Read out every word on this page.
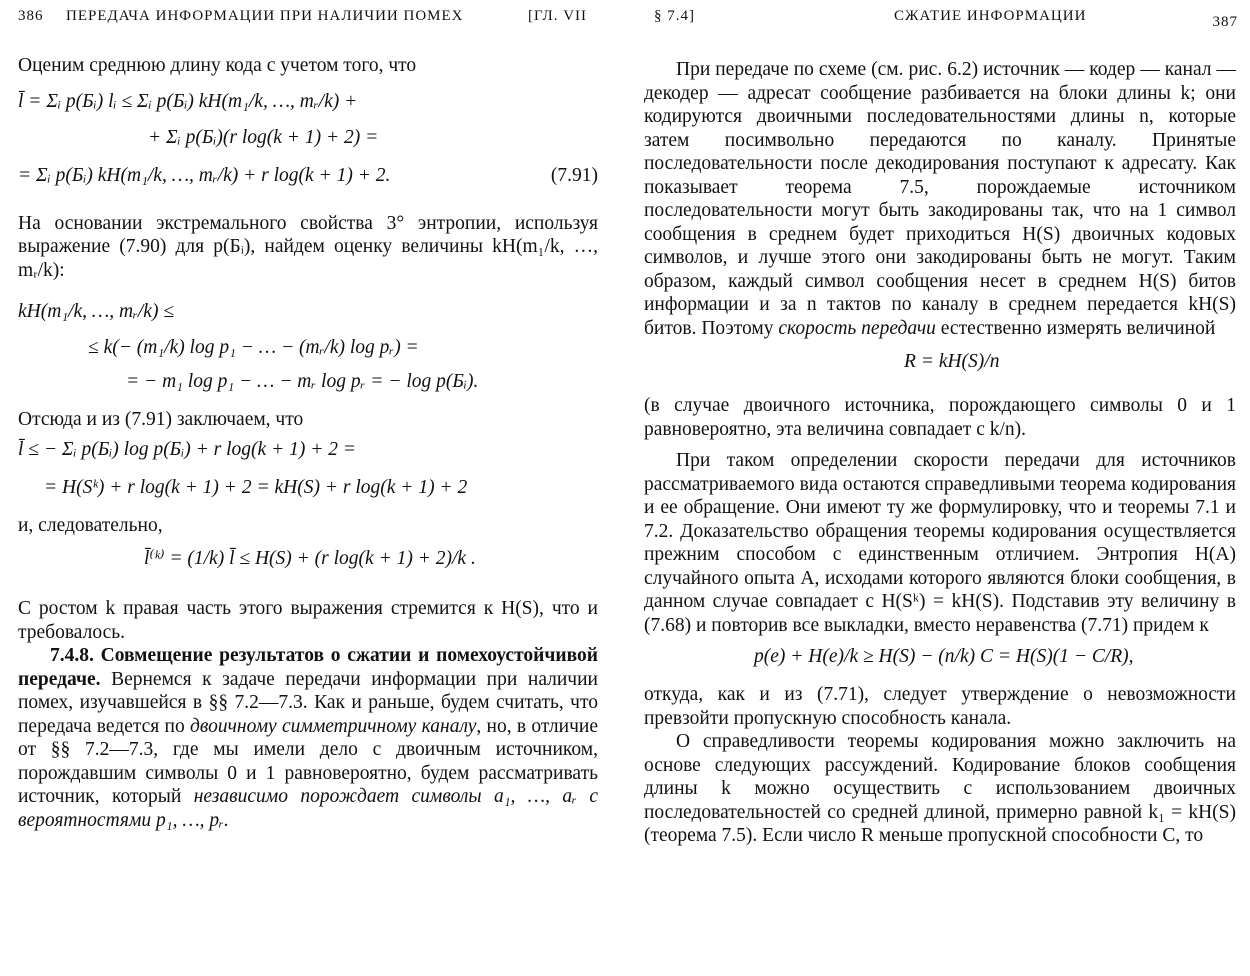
386 ПЕРЕДАЧА ИНФОРМАЦИИ ПРИ НАЛИЧИИ ПОМЕХ	[ГЛ. VII

Оценим среднюю длину кода с учетом того, что

l̄ = Σᵢ p(Бᵢ) lᵢ ≤ Σᵢ p(Бᵢ) kH(m₁/k, …, mᵣ/k) +
+ Σᵢ p(Бᵢ)(r log(k + 1) + 2) =
= Σᵢ p(Бᵢ) kH(m₁/k, …, mᵣ/k) + r log(k + 1) + 2.	(7.91)

На основании экстремального свойства 3° энтропии, используя выражение (7.90) для p(Бᵢ), найдем оценку величины kH(m₁/k, …, mᵣ/k):

kH(m₁/k, …, mᵣ/k) ≤
≤ k(− (m₁/k) log p₁ − … − (mᵣ/k) log pᵣ) =
= − m₁ log p₁ − … − mᵣ log pᵣ = − log p(Бᵢ).

Отсюда и из (7.91) заключаем, что

l̄ ≤ − Σᵢ p(Бᵢ) log p(Бᵢ) + r log(k + 1) + 2 =
= H(Sᵏ) + r log(k + 1) + 2 = kH(S) + r log(k + 1) + 2

и, следовательно,

l̄⁽ᵏ⁾ = (1/k) l̄ ≤ H(S) + (r log(k + 1) + 2)/k .

С ростом k правая часть этого выражения стремится к H(S), что и требовалось.

7.4.8. Совмещение результатов о сжатии и помехоустойчивой передаче. Вернемся к задаче передачи информации при наличии помех, изучавшейся в §§ 7.2—7.3. Как и раньше, будем считать, что передача ведется по двоичному симметричному каналу, но, в отличие от §§ 7.2—7.3, где мы имели дело с двоичным источником, порождавшим символы 0 и 1 равновероятно, будем рассматривать источник, который независимо порождает символы a₁, …, aᵣ с вероятностями p₁, …, pᵣ.

§ 7.4]	СЖАТИЕ ИНФОРМАЦИИ	387

При передаче по схеме (см. рис. 6.2) источник — кодер — канал — декодер — адресат сообщение разбивается на блоки длины k; они кодируются двоичными последовательностями длины n, которые затем посимвольно передаются по каналу. Принятые последовательности после декодирования поступают к адресату. Как показывает теорема 7.5, порождаемые источником последовательности могут быть закодированы так, что на 1 символ сообщения в среднем будет приходиться H(S) двоичных кодовых символов, и лучше этого они закодированы быть не могут. Таким образом, каждый символ сообщения несет в среднем H(S) битов информации и за n тактов по каналу в среднем передается kH(S) битов. Поэтому скорость передачи естественно измерять величиной

R = kH(S)/n

(в случае двоичного источника, порождающего символы 0 и 1 равновероятно, эта величина совпадает с k/n).

При таком определении скорости передачи для источников рассматриваемого вида остаются справедливыми теорема кодирования и ее обращение. Они имеют ту же формулировку, что и теоремы 7.1 и 7.2. Доказательство обращения теоремы кодирования осуществляется прежним способом с единственным отличием. Энтропия H(A) случайного опыта A, исходами которого являются блоки сообщения, в данном случае совпадает с H(Sᵏ) = kH(S). Подставив эту величину в (7.68) и повторив все выкладки, вместо неравенства (7.71) придем к

p(e) + H(e)/k ≥ H(S) − (n/k) C = H(S)(1 − C/R),

откуда, как и из (7.71), следует утверждение о невозможности превзойти пропускную способность канала.

О справедливости теоремы кодирования можно заключить на основе следующих рассуждений. Кодирование блоков сообщения длины k можно осуществить с использованием двоичных последовательностей со средней длиной, примерно равной k₁ = kH(S) (теорема 7.5). Если число R меньше пропускной способности C, то
